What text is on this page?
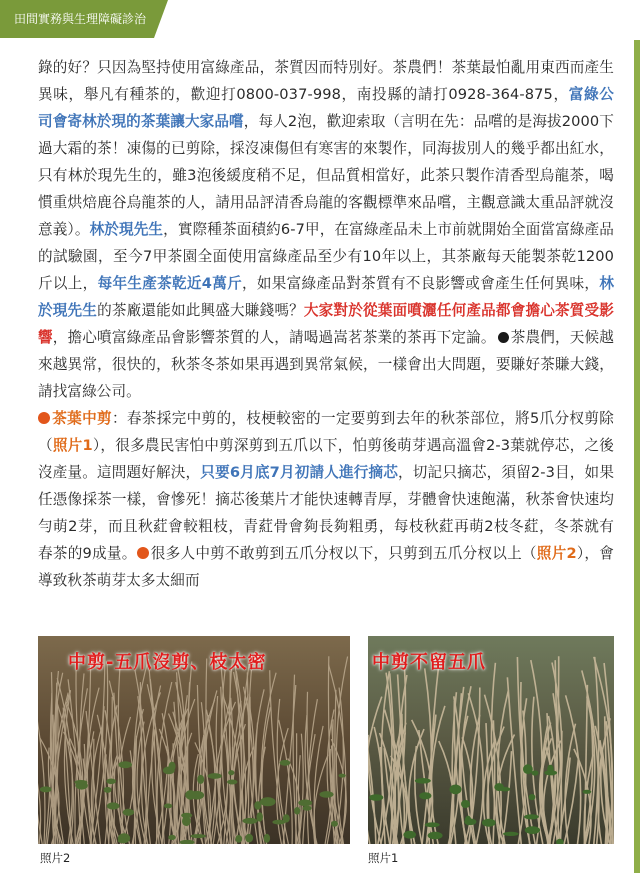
田間實務與生理障礙診治

錄的好？只因為堅持使用富綠產品，茶質因而特別好。茶農們！茶葉最怕亂用東西而產生異味，舉凡有種茶的，歡迎打0800-037-998，南投縣的請打0928-364-875，富綠公司會寄林於現的茶葉讓大家品嚐，每人2泡，歡迎索取（言明在先：品嚐的是海拔2000下過大霜的茶！凍傷的已剪除，採沒凍傷但有寒害的來製作，同海拔別人的幾乎都出紅水，只有林於現先生的，雖3泡後緩度稍不足，但品質相當好，此茶只製作清香型烏龍茶，喝慣重烘焙鹿谷烏龍茶的人，請用品評清香烏龍的客觀標準來品嚐，主觀意識太重品評就沒意義）。林於現先生，實際種茶面積約6-7甲，在富綠產品未上市前就開始全面當富綠產品的試驗園，至今7甲茶園全面使用富綠產品至少有10年以上，其茶廠每天能製茶乾1200斤以上，每年生產茶乾近4萬斤，如果富綠產品對茶質有不良影響或會產生任何異味，林於現先生的茶廠還能如此興盛大賺錢嗎？大家對於從葉面噴灑任何產品都會擔心茶質受影響，擔心噴富綠產品會影響茶質的人，請喝過嵩茗茶業的茶再下定論。 茶農們，天候越來越異常，很快的，秋茶冬茶如果再遇到異常氣候，一樣會出大問題，要賺好茶賺大錢，請找富綠公司。

茶葉中剪：春茶採完中剪的，枝梗較密的一定要剪到去年的秋茶部位，將5爪分杈剪除（照片1），很多農民害怕中剪深剪到五爪以下，怕剪後萌芽遇高溫會2-3葉就停芯，之後沒產量。這問題好解決，只要6月底7月初請人進行摘芯，切記只摘芯，須留2-3目，如果任憑像採茶一樣，會慘死！摘芯後葉片才能快速轉青厚，芽體會快速飽滿，秋茶會快速均勻萌2芽，而且秋葒會較粗枝，青葒骨會夠長夠粗勇，每枝秋葒再萌2枝冬葒，冬茶就有春茶的9成量。 很多人中剪不敢剪到五爪分杈以下，只剪到五爪分杈以上（照片2），會導致秋茶萌芽太多太細而

中剪-五爪沒剪、枝太密	中剪不留五爪
照片2	照片1
